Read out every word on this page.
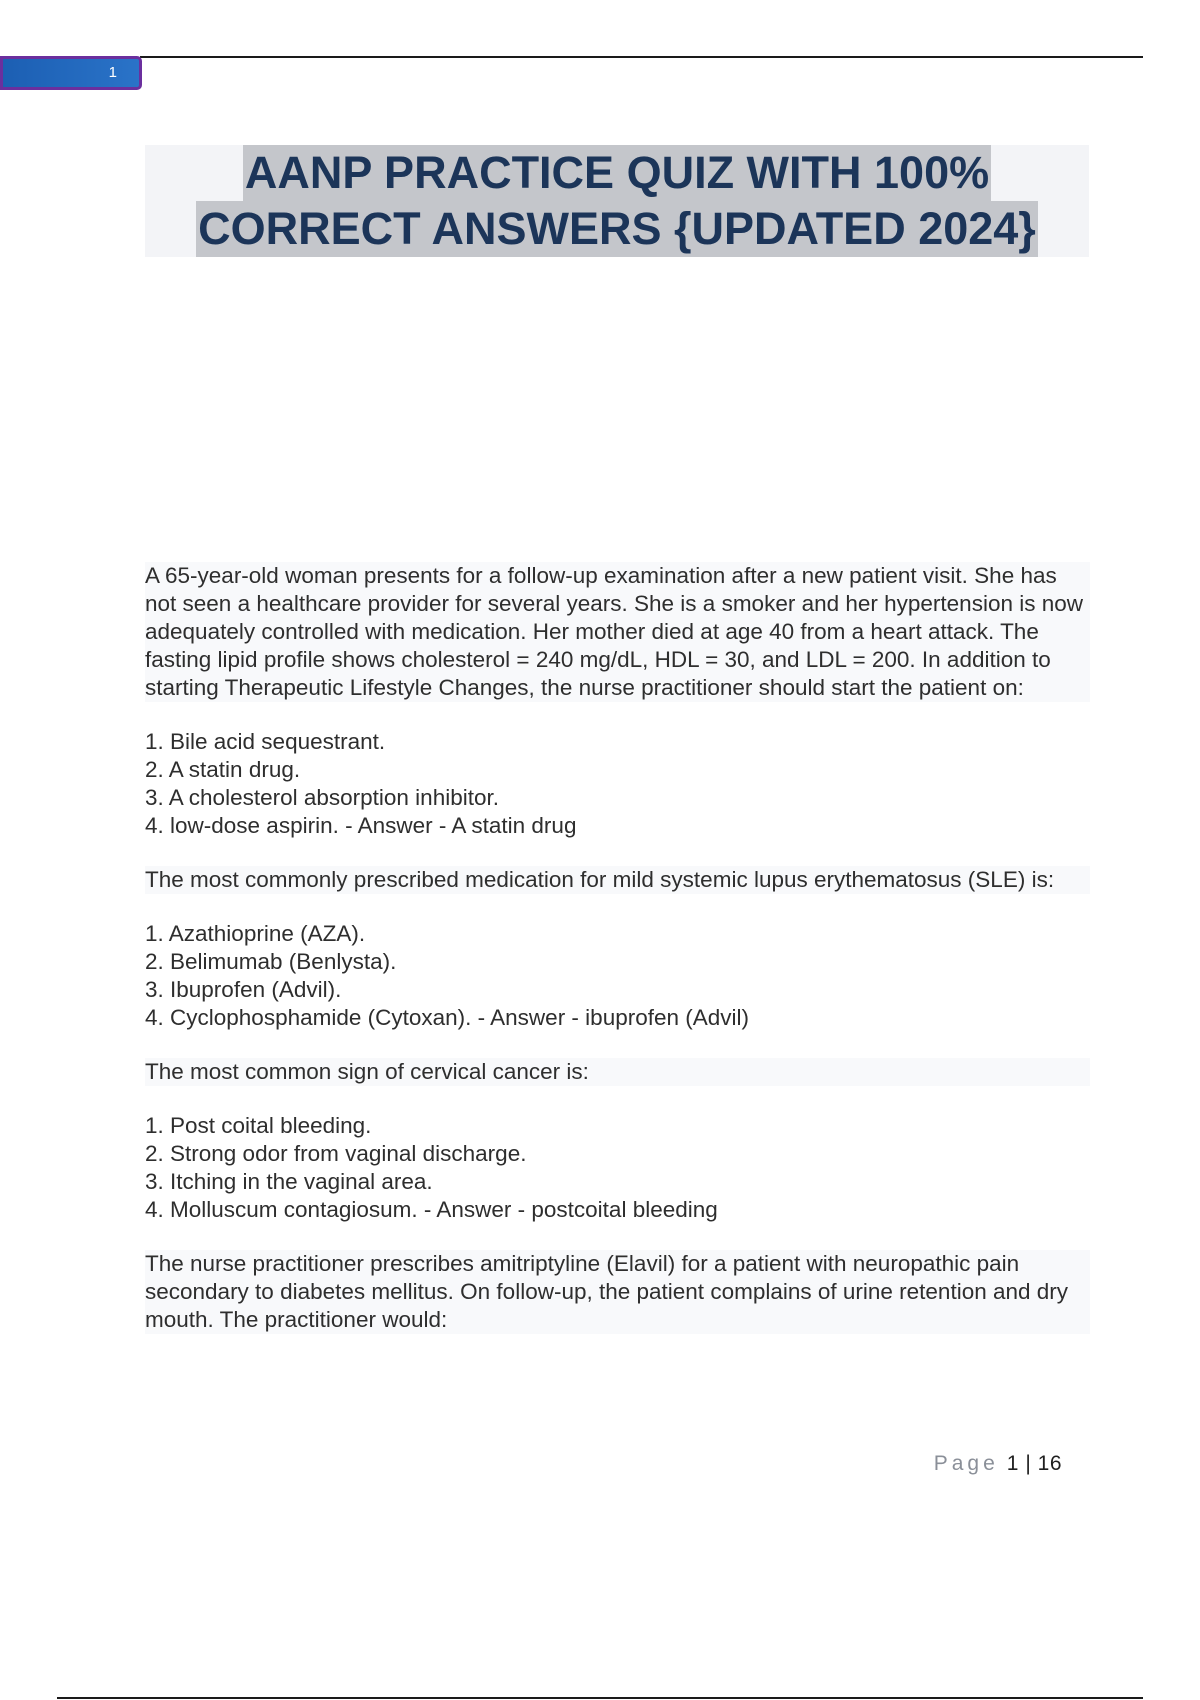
1
AANP PRACTICE QUIZ WITH 100%
CORRECT ANSWERS {UPDATED 2024}

A 65-year-old woman presents for a follow-up examination after a new patient visit. She has not seen a healthcare provider for several years. She is a smoker and her hypertension is now adequately controlled with medication. Her mother died at age 40 from a heart attack. The fasting lipid profile shows cholesterol = 240 mg/dL, HDL = 30, and LDL = 200. In addition to starting Therapeutic Lifestyle Changes, the nurse practitioner should start the patient on:

1. Bile acid sequestrant.
2. A statin drug.
3. A cholesterol absorption inhibitor.
4. low-dose aspirin. - Answer - A statin drug

The most commonly prescribed medication for mild systemic lupus erythematosus (SLE) is:

1. Azathioprine (AZA).
2. Belimumab (Benlysta).
3. Ibuprofen (Advil).
4. Cyclophosphamide (Cytoxan). - Answer - ibuprofen (Advil)

The most common sign of cervical cancer is:

1. Post coital bleeding.
2. Strong odor from vaginal discharge.
3. Itching in the vaginal area.
4. Molluscum contagiosum. - Answer - postcoital bleeding

The nurse practitioner prescribes amitriptyline (Elavil) for a patient with neuropathic pain secondary to diabetes mellitus. On follow-up, the patient complains of urine retention and dry mouth. The practitioner would:

Page 1 | 16
